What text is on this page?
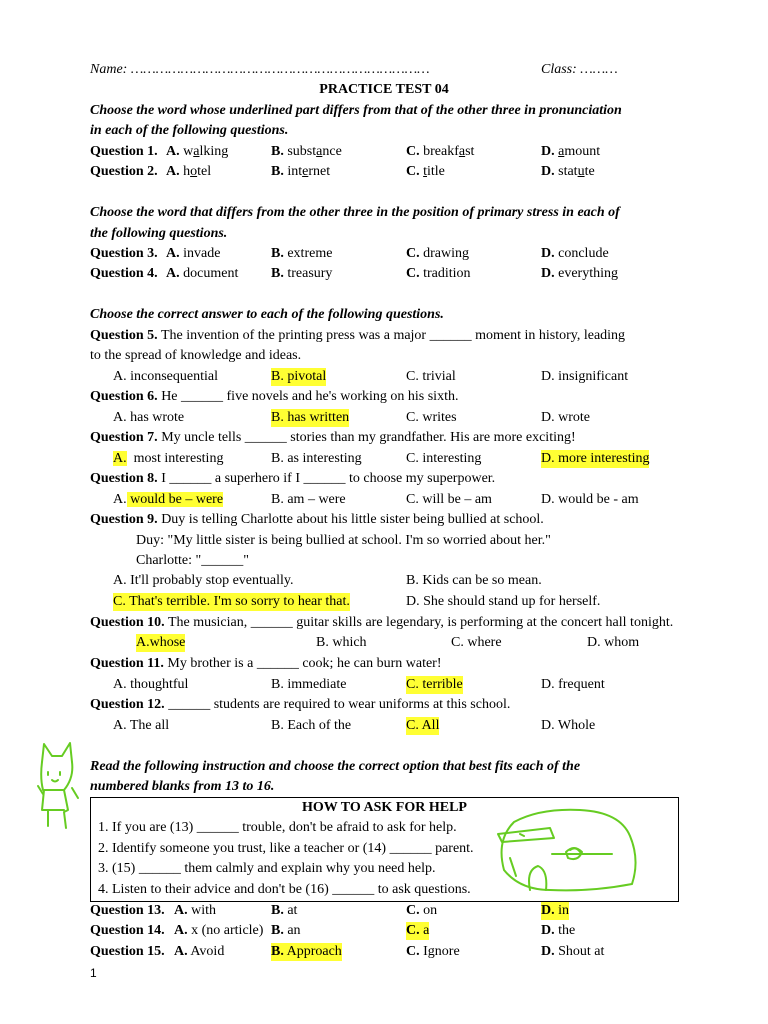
Name: ………………………………………………………………	Class: ………
PRACTICE TEST 04
Choose the word whose underlined part differs from that of the other three in pronunciation
in each of the following questions.
Question 1. A. walking	B. substance	C. breakfast	D. amount
Question 2. A. hotel	B. internet	C. title	D. statute
Choose the word that differs from the other three in the position of primary stress in each of
the following questions.
Question 3. A. invade	B. extreme	C. drawing	D. conclude
Question 4. A. document B. treasury	C. tradition	D. everything
Choose the correct answer to each of the following questions.
Question 5. The invention of the printing press was a major ______ moment in history, leading
to the spread of knowledge and ideas.
A. inconsequential	B. pivotal	C. trivial	D. insignificant
Question 6. He ______ five novels and he's working on his sixth.
A. has wrote	B. has written	C. writes	D. wrote
Question 7. My uncle tells ______ stories than my grandfather. His are more exciting!
A. most interesting	B. as interesting	C. interesting	D. more interesting
Question 8. I ______ a superhero if I ______ to choose my superpower.
A. would be – were	B. am – were	C. will be – am	D. would be - am
Question 9. Duy is telling Charlotte about his little sister being bullied at school.
Duy: "My little sister is being bullied at school. I'm so worried about her."
Charlotte: "______"
A. It'll probably stop eventually.	B. Kids can be so mean.
C. That's terrible. I'm so sorry to hear that.	D. She should stand up for herself.
Question 10. The musician, ______ guitar skills are legendary, is performing at the concert hall tonight.
A.whose	B. which	C. where	D. whom
Question 11. My brother is a ______ cook; he can burn water!
A. thoughtful	B. immediate	C. terrible	D. frequent
Question 12. ______ students are required to wear uniforms at this school.
A. The all	B. Each of the	C. All	D. Whole
Read the following instruction and choose the correct option that best fits each of the
numbered blanks from 13 to 16.
HOW TO ASK FOR HELP
1. If you are (13) ______ trouble, don't be afraid to ask for help.
2. Identify someone you trust, like a teacher or (14) ______ parent.
3. (15) ______ them calmly and explain why you need help.
4. Listen to their advice and don't be (16) ______ to ask questions.
Question 13. A. with	B. at	C. on	D. in
Question 14. A. x (no article) B. an	C. a	D. the
Question 15. A. Avoid	B. Approach	C. Ignore	D. Shout at
1
